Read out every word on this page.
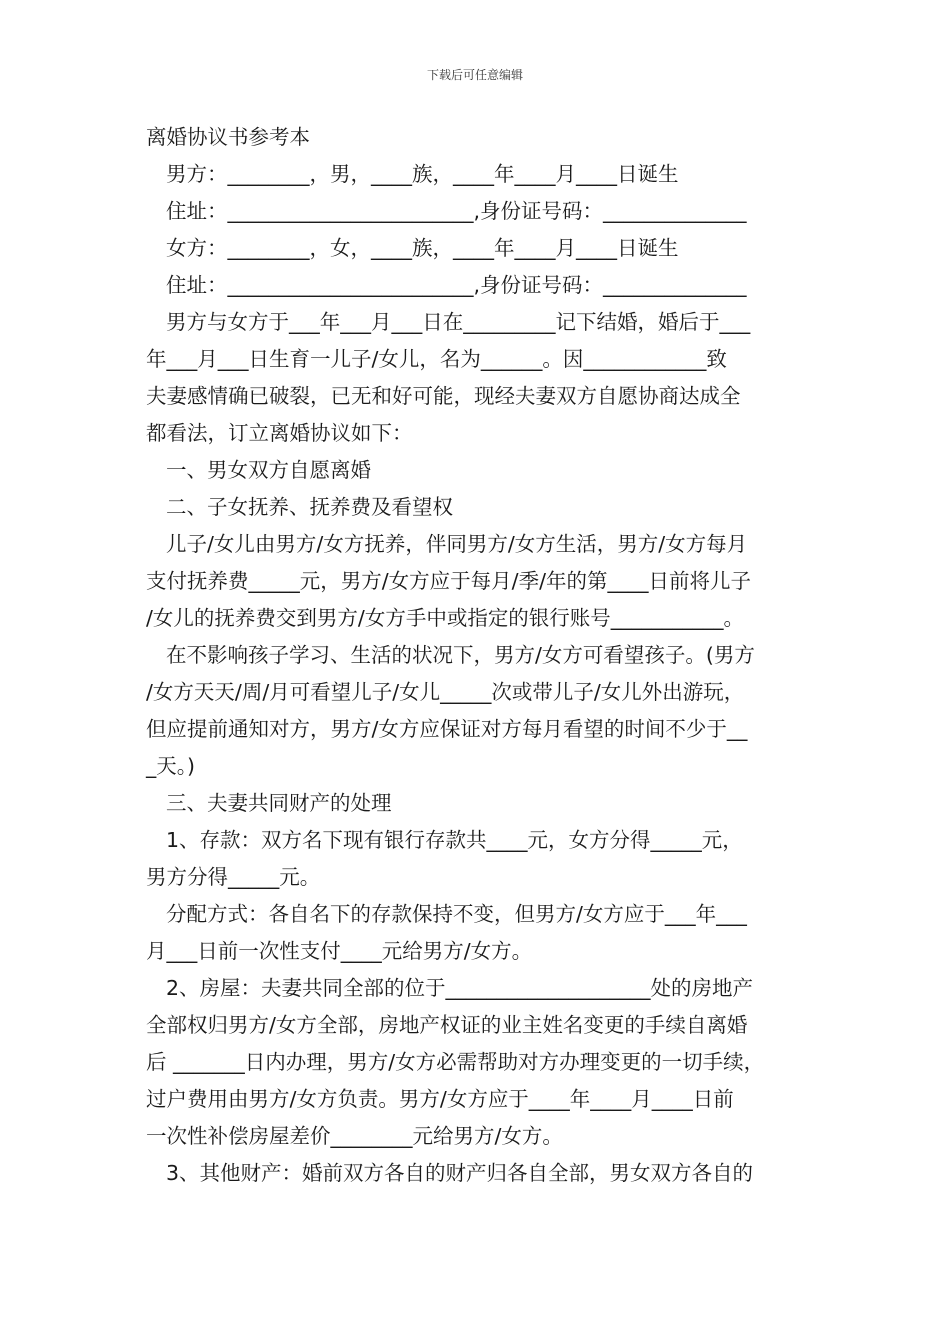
下载后可任意编辑
离婚协议书参考本
男方：________，男，____族，____年____月____日诞生
住址：________________________,身份证号码：______________
女方：________，女，____族，____年____月____日诞生
住址：________________________,身份证号码：______________
男方与女方于___年___月___日在_________记下结婚，婚后于___
年___月___日生育一儿子/女儿，名为______。因____________致
夫妻感情确已破裂，已无和好可能，现经夫妻双方自愿协商达成全
都看法，订立离婚协议如下：
一、男女双方自愿离婚
二、子女抚养、抚养费及看望权
儿子/女儿由男方/女方抚养，伴同男方/女方生活，男方/女方每月
支付抚养费_____元，男方/女方应于每月/季/年的第____日前将儿子
/女儿的抚养费交到男方/女方手中或指定的银行账号___________。
在不影响孩子学习、生活的状况下，男方/女方可看望孩子。(男方
/女方天天/周/月可看望儿子/女儿_____次或带儿子/女儿外出游玩，
但应提前通知对方，男方/女方应保证对方每月看望的时间不少于__
_天。)
三、夫妻共同财产的处理
1、存款：双方名下现有银行存款共____元，女方分得_____元，
男方分得_____元。
分配方式：各自名下的存款保持不变，但男方/女方应于___年___
月___日前一次性支付____元给男方/女方。
2、房屋：夫妻共同全部的位于____________________处的房地产
全部权归男方/女方全部，房地产权证的业主姓名变更的手续自离婚
后 _______日内办理，男方/女方必需帮助对方办理变更的一切手续，
过户费用由男方/女方负责。男方/女方应于____年____月____日前
一次性补偿房屋差价________元给男方/女方。
3、其他财产：婚前双方各自的财产归各自全部，男女双方各自的
